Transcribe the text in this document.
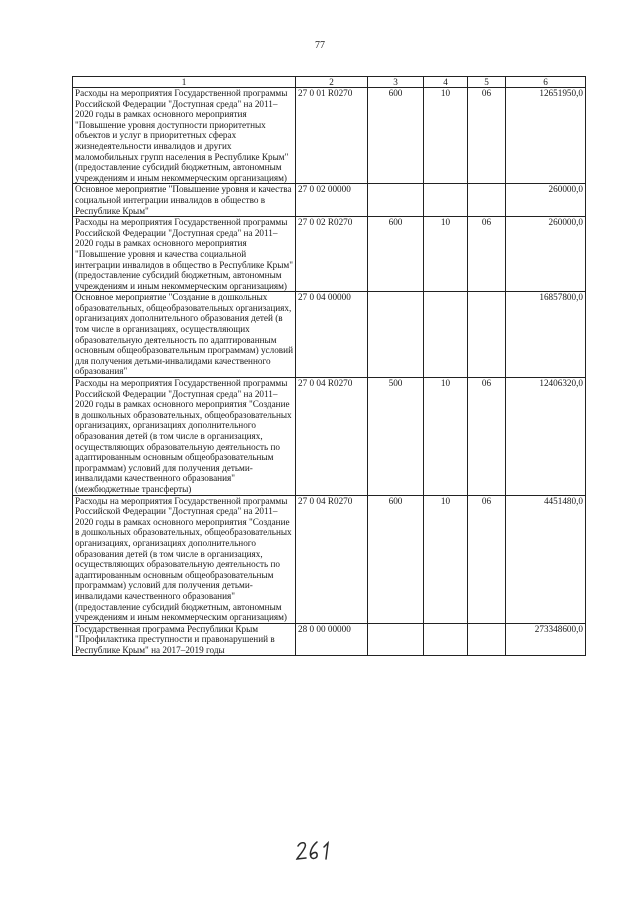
77
1	2	3	4	5	6
Расходы на мероприятия Государственной программы Российской Федерации "Доступная среда" на 2011–2020 годы в рамках основного мероприятия "Повышение уровня доступности приоритетных объектов и услуг в приоритетных сферах жизнедеятельности инвалидов и других маломобильных групп населения в Республике Крым" (предоставление субсидий бюджетным, автономным учреждениям и иным некоммерческим организациям)	27 0 01 R0270	600	10	06	12651950,0
Основное мероприятие "Повышение уровня и качества социальной интеграции инвалидов в общество в Республике Крым"	27 0 02 00000				260000,0
Расходы на мероприятия Государственной программы Российской Федерации "Доступная среда" на 2011–2020 годы в рамках основного мероприятия "Повышение уровня и качества социальной интеграции инвалидов в общество в Республике Крым" (предоставление субсидий бюджетным, автономным учреждениям и иным некоммерческим организациям)	27 0 02 R0270	600	10	06	260000,0
Основное мероприятие "Создание в дошкольных образовательных, общеобразовательных организациях, организациях дополнительного образования детей (в том числе в организациях, осуществляющих образовательную деятельность по адаптированным основным общеобразовательным программам) условий для получения детьми-инвалидами качественного образования"	27 0 04 00000				16857800,0
Расходы на мероприятия Государственной программы Российской Федерации "Доступная среда" на 2011–2020 годы в рамках основного мероприятия "Создание в дошкольных образовательных, общеобразовательных организациях, организациях дополнительного образования детей (в том числе в организациях, осуществляющих образовательную деятельность по адаптированным основным общеобразовательным программам) условий для получения детьми-инвалидами качественного образования" (межбюджетные трансферты)	27 0 04 R0270	500	10	06	12406320,0
Расходы на мероприятия Государственной программы Российской Федерации "Доступная среда" на 2011–2020 годы в рамках основного мероприятия "Создание в дошкольных образовательных, общеобразовательных организациях, организациях дополнительного образования детей (в том числе в организациях, осуществляющих образовательную деятельность по адаптированным основным общеобразовательным программам) условий для получения детьми-инвалидами качественного образования" (предоставление субсидий бюджетным, автономным учреждениям и иным некоммерческим организациям)	27 0 04 R0270	600	10	06	4451480,0
Государственная программа Республики Крым "Профилактика преступности и правонарушений в Республике Крым" на 2017–2019 годы	28 0 00 00000				273348600,0
